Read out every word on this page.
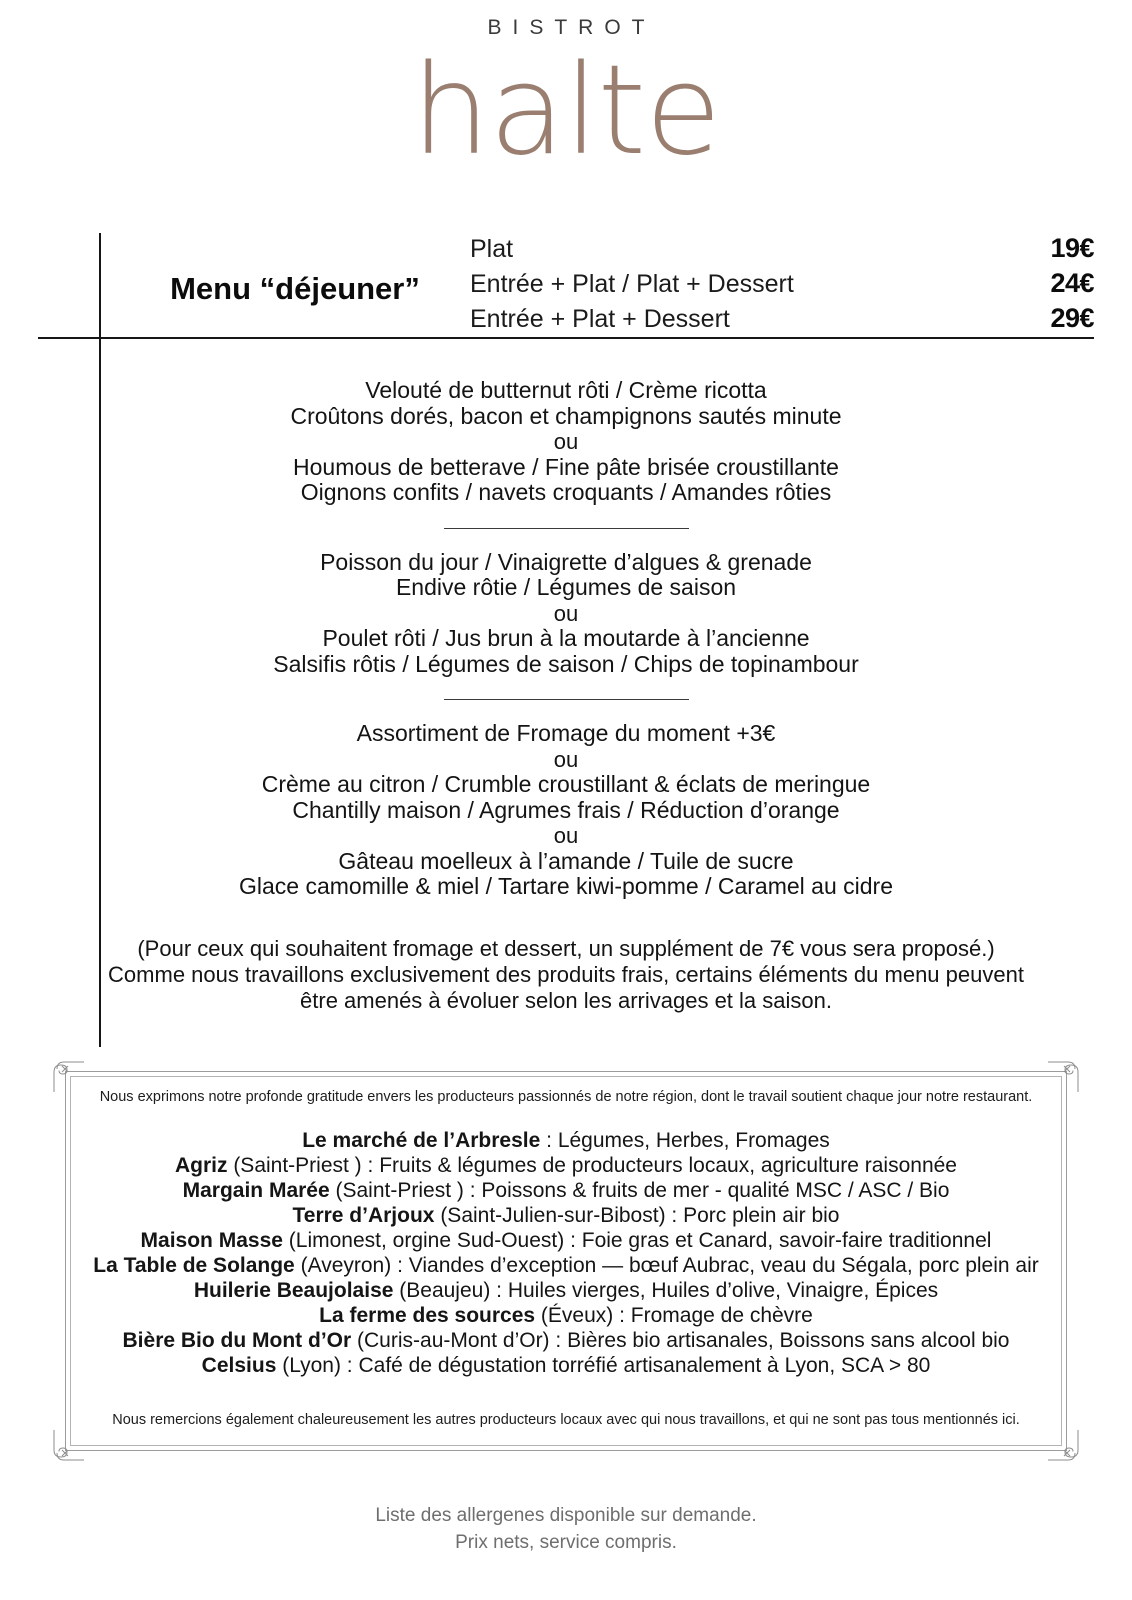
BISTROT
halte
Menu “déjeuner”
Plat	19€
Entrée + Plat / Plat + Dessert	24€
Entrée + Plat + Dessert	29€
Velouté de butternut rôti / Crème ricotta
Croûtons dorés, bacon et champignons sautés minute
ou
Houmous de betterave / Fine pâte brisée croustillante
Oignons confits / navets croquants / Amandes rôties
Poisson du jour / Vinaigrette d’algues & grenade
Endive rôtie / Légumes de saison
ou
Poulet rôti / Jus brun à la moutarde à l’ancienne
Salsifis rôtis / Légumes de saison / Chips de topinambour
Assortiment de Fromage du moment +3€
ou
Crème au citron / Crumble croustillant & éclats de meringue
Chantilly maison / Agrumes frais / Réduction d’orange
ou
Gâteau moelleux à l’amande / Tuile de sucre
Glace camomille & miel / Tartare kiwi-pomme / Caramel au cidre
(Pour ceux qui souhaitent fromage et dessert, un supplément de 7€ vous sera proposé.)
Comme nous travaillons exclusivement des produits frais, certains éléments du menu peuvent
être amenés à évoluer selon les arrivages et la saison.
Nous exprimons notre profonde gratitude envers les producteurs passionnés de notre région, dont le travail soutient chaque jour notre restaurant.
Le marché de l’Arbresle : Légumes, Herbes, Fromages
Agriz (Saint-Priest ) : Fruits & légumes de producteurs locaux, agriculture raisonnée
Margain Marée (Saint-Priest ) : Poissons & fruits de mer - qualité MSC / ASC / Bio
Terre d’Arjoux (Saint-Julien-sur-Bibost) : Porc plein air bio
Maison Masse (Limonest, orgine Sud-Ouest) : Foie gras et Canard, savoir-faire traditionnel
La Table de Solange (Aveyron) : Viandes d’exception — bœuf Aubrac, veau du Ségala, porc plein air
Huilerie Beaujolaise (Beaujeu) : Huiles vierges, Huiles d’olive, Vinaigre, Épices
La ferme des sources (Éveux) : Fromage de chèvre
Bière Bio du Mont d’Or (Curis-au-Mont d’Or) : Bières bio artisanales, Boissons sans alcool bio
Celsius (Lyon) : Café de dégustation torréfié artisanalement à Lyon, SCA > 80
Nous remercions également chaleureusement les autres producteurs locaux avec qui nous travaillons, et qui ne sont pas tous mentionnés ici.
Liste des allergenes disponible sur demande.
Prix nets, service compris.
